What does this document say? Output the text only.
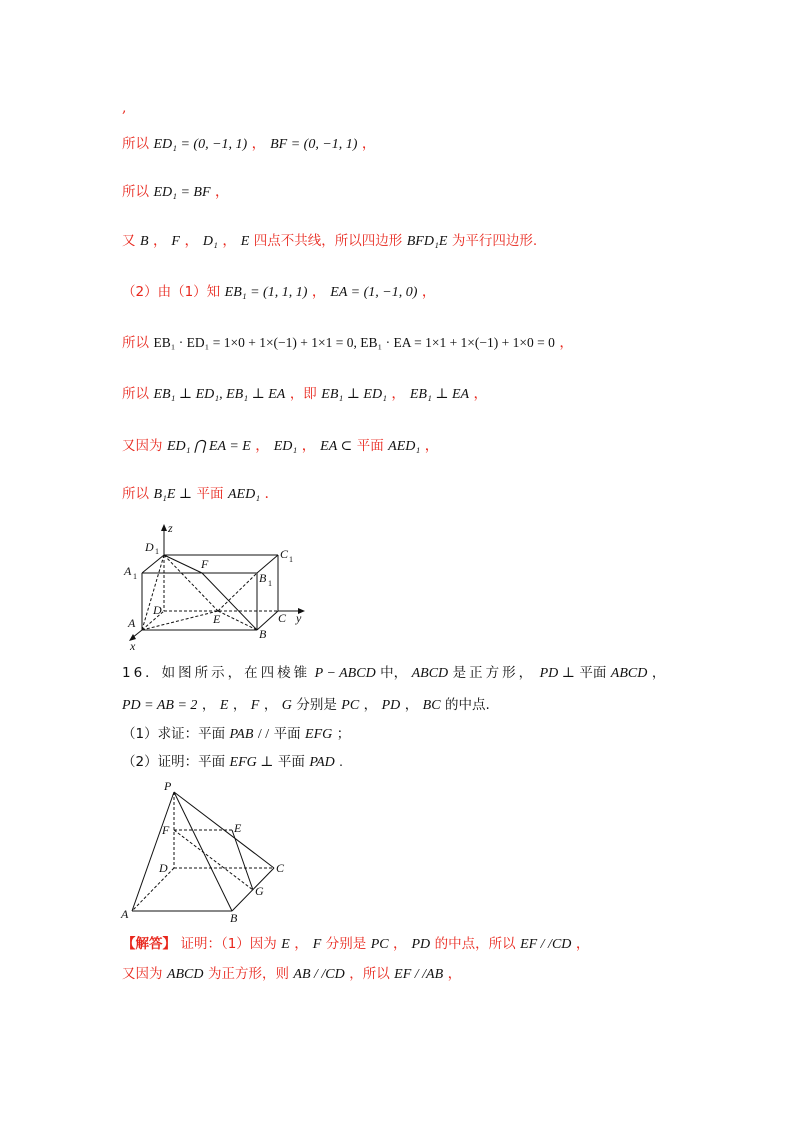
,
所以 ED₁ = (0, −1, 1) ， BF = (0, −1, 1) ，
所以 ED₁ = BF ，
又 B ， F ， D₁ ， E 四点不共线，所以四边形 BFD₁E 为平行四边形.
（2）由（1）知 EB₁ = (1, 1, 1) ， EA = (1, −1, 0) ，
所以 EB₁ · ED₁ = 1×0 + 1×(−1) + 1×1 = 0, EB₁ · EA = 1×1 + 1×(−1) + 1×0 = 0 ，
所以 EB₁ ⊥ ED₁, EB₁ ⊥ EA ，即 EB₁ ⊥ ED₁ ， EB₁ ⊥ EA ，
又因为 ED₁ ⋂ EA = E ， ED₁ ， EA ⊂ 平面 AED₁ ，
所以 B₁E ⊥ 平面 AED₁ .
z
D 1	C 1
A 1	B 1
F
D
E
A
B
C y
x
16．如图所示，在四棱锥 P − ABCD 中， ABCD 是正方形， PD ⊥ 平面 ABCD ，
PD = AB = 2 ， E ， F ， G 分别是 PC ， PD ， BC 的中点.
（1）求证：平面 PAB / / 平面 EFG ；
（2）证明：平面 EFG ⊥ 平面 PAD .
P
F	E
D	C
G
A	B
【解答】 证明：（1）因为 E ， F 分别是 PC ， PD 的中点，所以 EF / /CD ，
又因为 ABCD 为正方形，则 AB / /CD ，所以 EF / /AB ，
